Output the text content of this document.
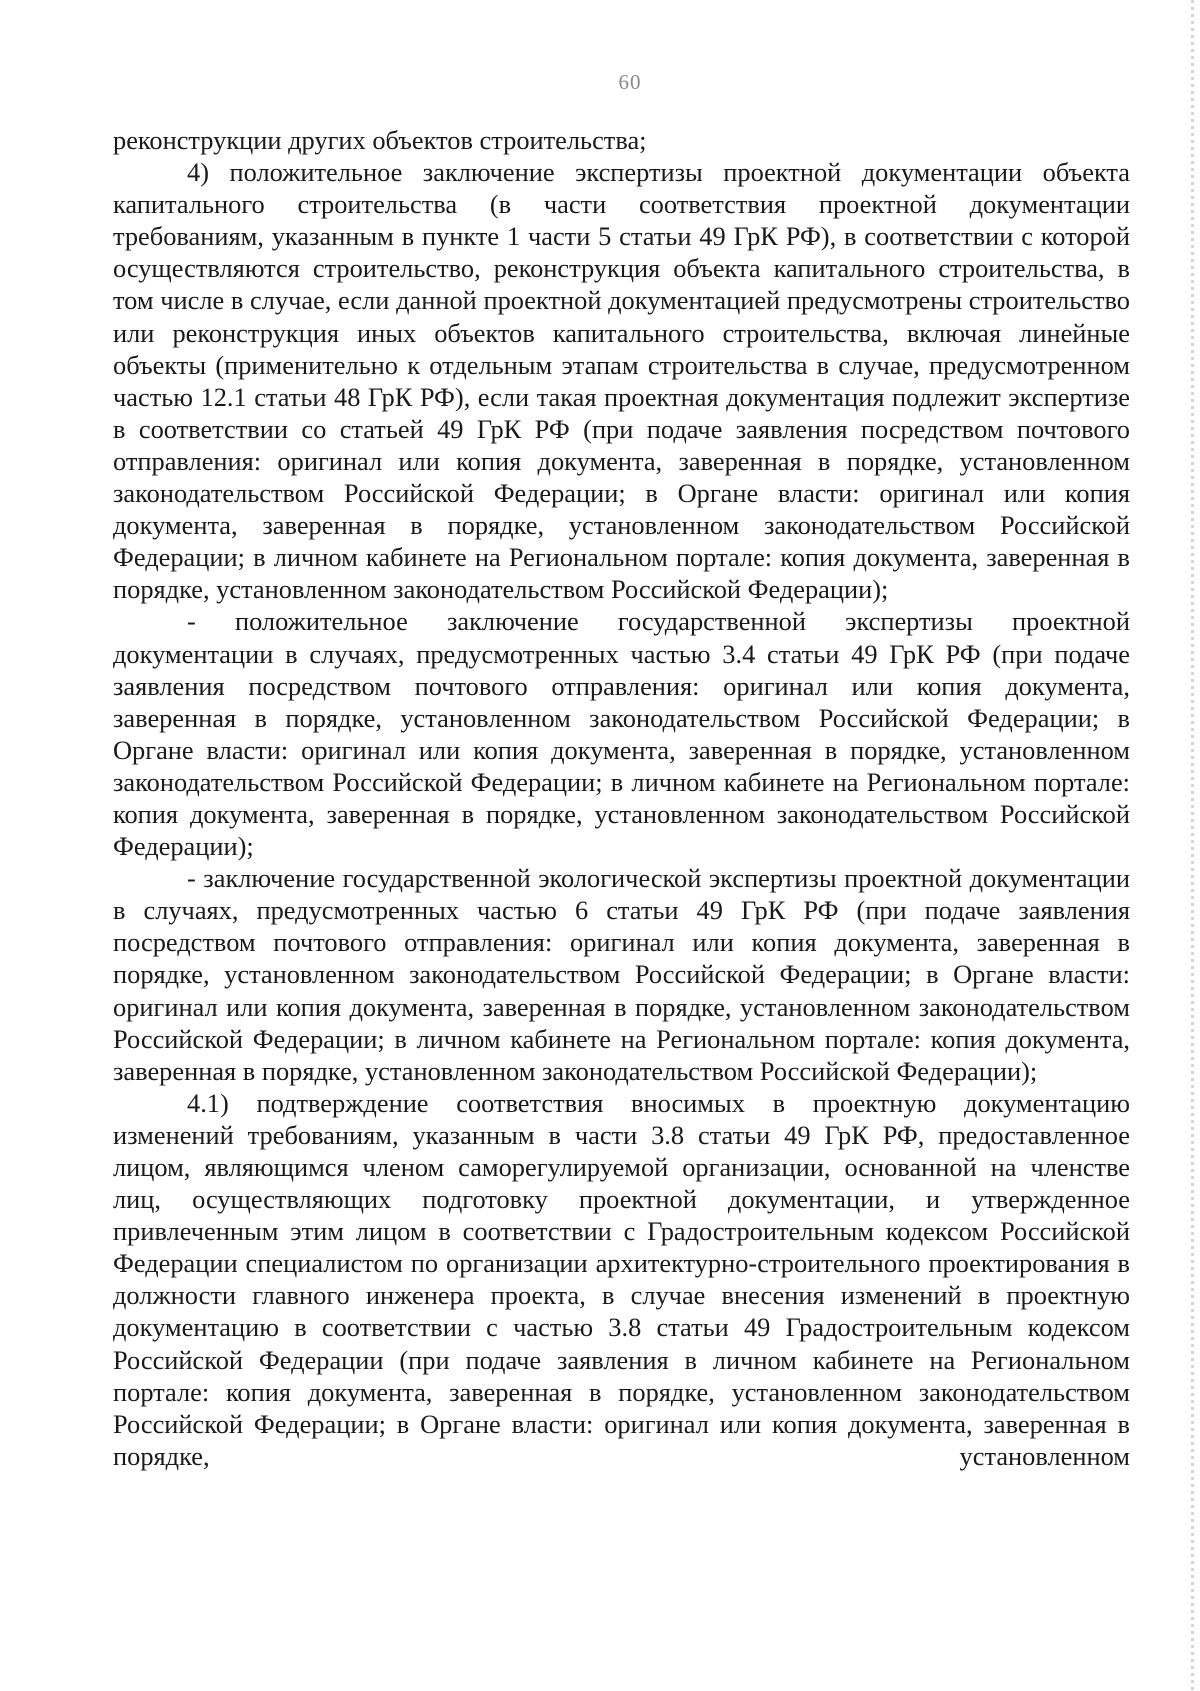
60

реконструкции других объектов строительства;

4) положительное заключение экспертизы проектной документации объекта капитального строительства (в части соответствия проектной документации требованиям, указанным в пункте 1 части 5 статьи 49 ГрК РФ), в соответствии с которой осуществляются строительство, реконструкция объекта капитального строительства, в том числе в случае, если данной проектной документацией предусмотрены строительство или реконструкция иных объектов капитального строительства, включая линейные объекты (применительно к отдельным этапам строительства в случае, предусмотренном частью 12.1 статьи 48 ГрК РФ), если такая проектная документация подлежит экспертизе в соответствии со статьей 49 ГрК РФ (при подаче заявления посредством почтового отправления: оригинал или копия документа, заверенная в порядке, установленном законодательством Российской Федерации; в Органе власти: оригинал или копия документа, заверенная в порядке, установленном законодательством Российской Федерации; в личном кабинете на Региональном портале: копия документа, заверенная в порядке, установленном законодательством Российской Федерации);

- положительное заключение государственной экспертизы проектной документации в случаях, предусмотренных частью 3.4 статьи 49 ГрК РФ (при подаче заявления посредством почтового отправления: оригинал или копия документа, заверенная в порядке, установленном законодательством Российской Федерации; в Органе власти: оригинал или копия документа, заверенная в порядке, установленном законодательством Российской Федерации; в личном кабинете на Региональном портале: копия документа, заверенная в порядке, установленном законодательством Российской Федерации);

- заключение государственной экологической экспертизы проектной документации в случаях, предусмотренных частью 6 статьи 49 ГрК РФ (при подаче заявления посредством почтового отправления: оригинал или копия документа, заверенная в порядке, установленном законодательством Российской Федерации; в Органе власти: оригинал или копия документа, заверенная в порядке, установленном законодательством Российской Федерации; в личном кабинете на Региональном портале: копия документа, заверенная в порядке, установленном законодательством Российской Федерации);

4.1) подтверждение соответствия вносимых в проектную документацию изменений требованиям, указанным в части 3.8 статьи 49 ГрК РФ, предоставленное лицом, являющимся членом саморегулируемой организации, основанной на членстве лиц, осуществляющих подготовку проектной документации, и утвержденное привлеченным этим лицом в соответствии с Градостроительным кодексом Российской Федерации специалистом по организации архитектурно-строительного проектирования в должности главного инженера проекта, в случае внесения изменений в проектную документацию в соответствии с частью 3.8 статьи 49 Градостроительным кодексом Российской Федерации (при подаче заявления в личном кабинете на Региональном портале: копия документа, заверенная в порядке, установленном законодательством Российской Федерации; в Органе власти: оригинал или копия документа, заверенная в порядке, установленном
